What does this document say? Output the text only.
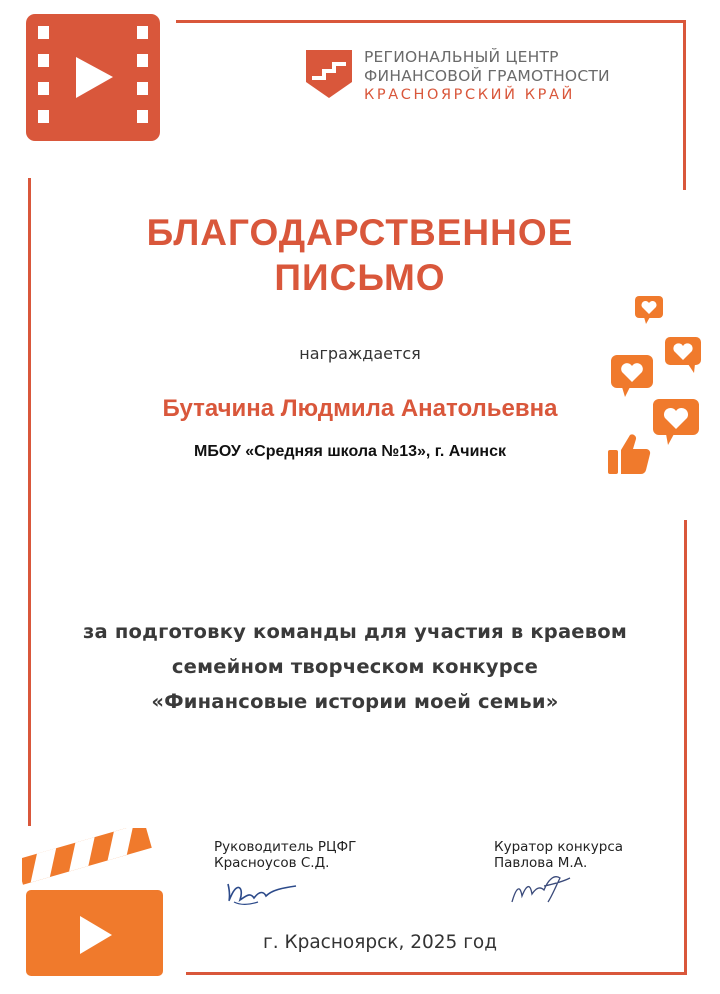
РЕГИОНАЛЬНЫЙ ЦЕНТР
ФИНАНСОВОЙ ГРАМОТНОСТИ
КРАСНОЯРСКИЙ КРАЙ
БЛАГОДАРСТВЕННОЕ
ПИСЬМО
награждается
Бутачина Людмила Анатольевна
МБОУ «Средняя школа №13», г. Ачинск
за подготовку команды для участия в краевом
семейном творческом конкурсе
«Финансовые истории моей семьи»
Руководитель РЦФГ
Красноусов С.Д.
Куратор конкурса
Павлова М.А.
г. Красноярск, 2025 год
